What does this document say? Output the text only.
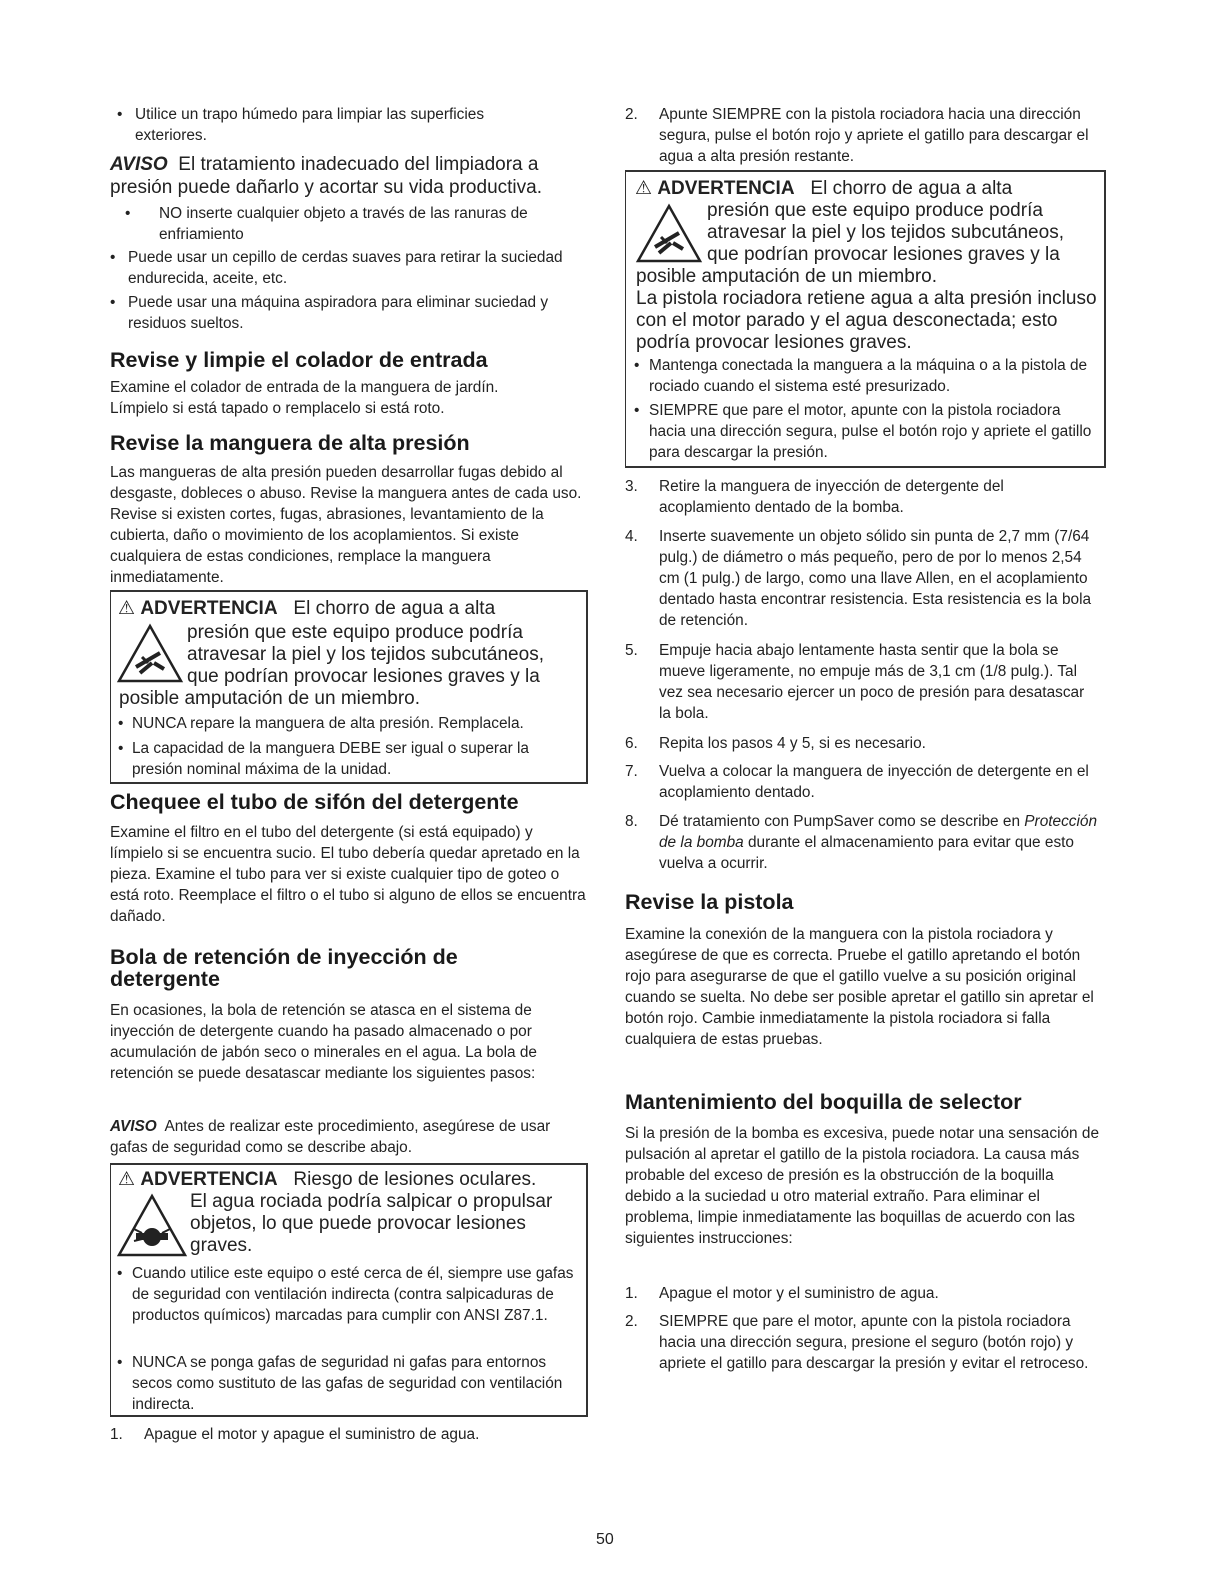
• Utilice un trapo húmedo para limpiar las superficies exteriores.
AVISO El tratamiento inadecuado del limpiadora a presión puede dañarlo y acortar su vida productiva.
• NO inserte cualquier objeto a través de las ranuras de enfriamiento
• Puede usar un cepillo de cerdas suaves para retirar la suciedad endurecida, aceite, etc.
• Puede usar una máquina aspiradora para eliminar suciedad y residuos sueltos.
Revise y limpie el colador de entrada
Examine el colador de entrada de la manguera de jardín. Límpielo si está tapado o remplacelo si está roto.
Revise la manguera de alta presión
Las mangueras de alta presión pueden desarrollar fugas debido al desgaste, dobleces o abuso. Revise la manguera antes de cada uso. Revise si existen cortes, fugas, abrasiones, levantamiento de la cubierta, daño o movimiento de los acoplamientos. Si existe cualquiera de estas condiciones, remplace la manguera inmediatamente.
⚠ ADVERTENCIA El chorro de agua a alta
presión que este equipo produce podría
atravesar la piel y los tejidos subcutáneos,
que podrían provocar lesiones graves y la
posible amputación de un miembro.
• NUNCA repare la manguera de alta presión. Remplacela.
• La capacidad de la manguera DEBE ser igual o superar la presión nominal máxima de la unidad.
Chequee el tubo de sifón del detergente
Examine el filtro en el tubo del detergente (si está equipado) y límpielo si se encuentra sucio. El tubo debería quedar apretado en la pieza. Examine el tubo para ver si existe cualquier tipo de goteo o está roto. Reemplace el filtro o el tubo si alguno de ellos se encuentra dañado.
Bola de retención de inyección de detergente
En ocasiones, la bola de retención se atasca en el sistema de inyección de detergente cuando ha pasado almacenado o por acumulación de jabón seco o minerales en el agua. La bola de retención se puede desatascar mediante los siguientes pasos:
AVISO Antes de realizar este procedimiento, asegúrese de usar gafas de seguridad como se describe abajo.
⚠ ADVERTENCIA Riesgo de lesiones oculares.
El agua rociada podría salpicar o propulsar
objetos, lo que puede provocar lesiones
graves.
• Cuando utilice este equipo o esté cerca de él, siempre use gafas de seguridad con ventilación indirecta (contra salpicaduras de productos químicos) marcadas para cumplir con ANSI Z87.1.
• NUNCA se ponga gafas de seguridad ni gafas para entornos secos como sustituto de las gafas de seguridad con ventilación indirecta.
1. Apague el motor y apague el suministro de agua.
2. Apunte SIEMPRE con la pistola rociadora hacia una dirección segura, pulse el botón rojo y apriete el gatillo para descargar el agua a alta presión restante.
⚠ ADVERTENCIA El chorro de agua a alta
presión que este equipo produce podría
atravesar la piel y los tejidos subcutáneos,
que podrían provocar lesiones graves y la
posible amputación de un miembro.
La pistola rociadora retiene agua a alta presión incluso con el motor parado y el agua desconectada; esto podría provocar lesiones graves.
• Mantenga conectada la manguera a la máquina o a la pistola de rociado cuando el sistema esté presurizado.
• SIEMPRE que pare el motor, apunte con la pistola rociadora hacia una dirección segura, pulse el botón rojo y apriete el gatillo para descargar la presión.
3. Retire la manguera de inyección de detergente del acoplamiento dentado de la bomba.
4. Inserte suavemente un objeto sólido sin punta de 2,7 mm (7/64 pulg.) de diámetro o más pequeño, pero de por lo menos 2,54 cm (1 pulg.) de largo, como una llave Allen, en el acoplamiento dentado hasta encontrar resistencia. Esta resistencia es la bola de retención.
5. Empuje hacia abajo lentamente hasta sentir que la bola se mueve ligeramente, no empuje más de 3,1 cm (1/8 pulg.). Tal vez sea necesario ejercer un poco de presión para desatascar la bola.
6. Repita los pasos 4 y 5, si es necesario.
7. Vuelva a colocar la manguera de inyección de detergente en el acoplamiento dentado.
8. Dé tratamiento con PumpSaver como se describe en Protección de la bomba durante el almacenamiento para evitar que esto vuelva a ocurrir.
Revise la pistola
Examine la conexión de la manguera con la pistola rociadora y asegúrese de que es correcta. Pruebe el gatillo apretando el botón rojo para asegurarse de que el gatillo vuelve a su posición original cuando se suelta. No debe ser posible apretar el gatillo sin apretar el botón rojo. Cambie inmediatamente la pistola rociadora si falla cualquiera de estas pruebas.
Mantenimiento del boquilla de selector
Si la presión de la bomba es excesiva, puede notar una sensación de pulsación al apretar el gatillo de la pistola rociadora. La causa más probable del exceso de presión es la obstrucción de la boquilla debido a la suciedad u otro material extraño. Para eliminar el problema, limpie inmediatamente las boquillas de acuerdo con las siguientes instrucciones:
1. Apague el motor y el suministro de agua.
2. SIEMPRE que pare el motor, apunte con la pistola rociadora hacia una dirección segura, presione el seguro (botón rojo) y apriete el gatillo para descargar la presión y evitar el retroceso.
50
